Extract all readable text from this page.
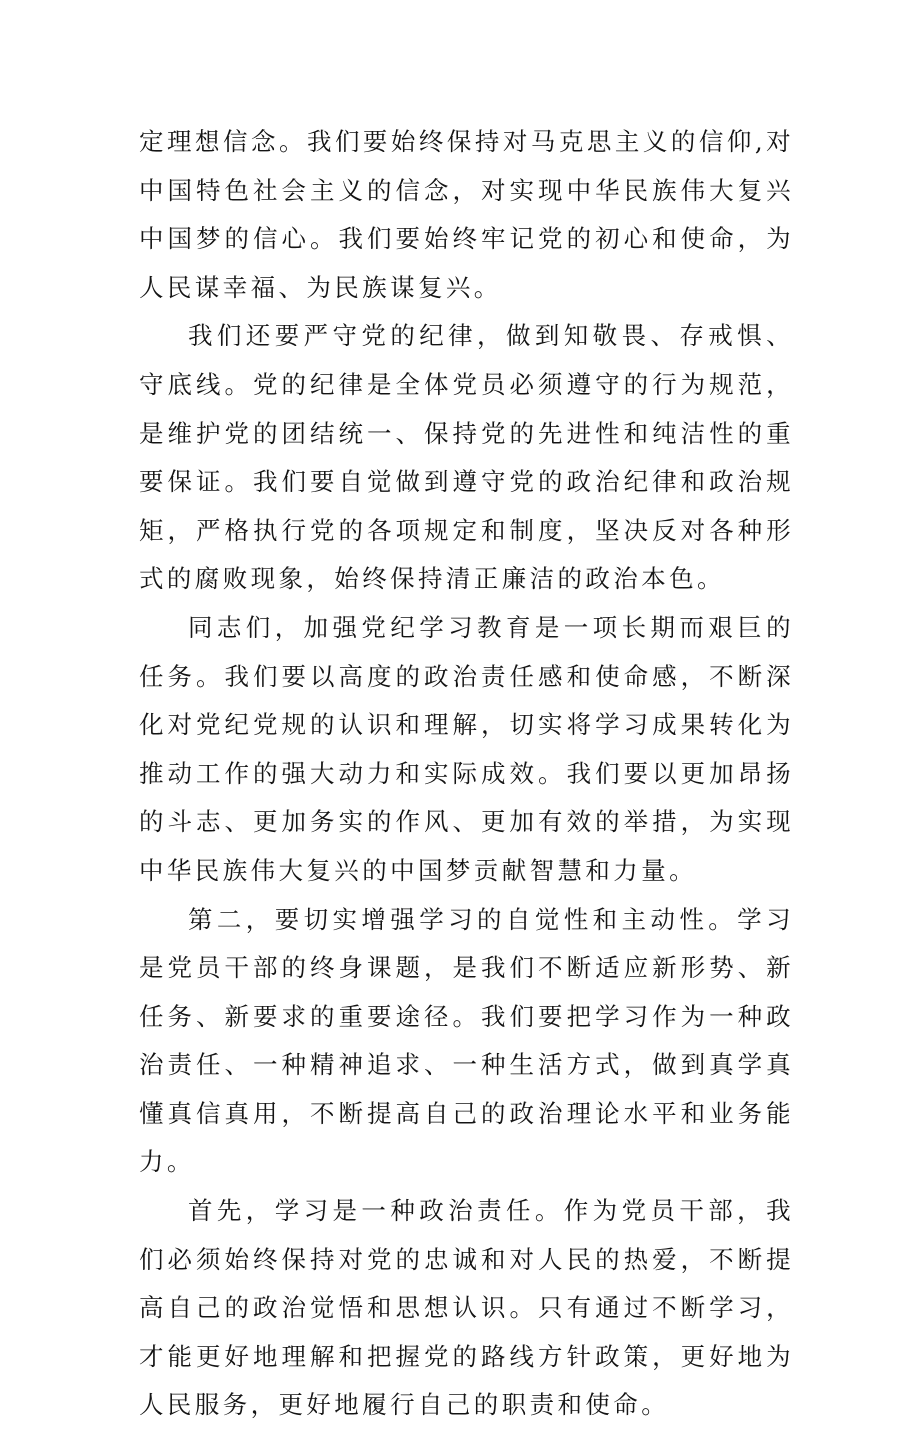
定理想信念。我们要始终保持对马克思主义的信仰,对中国特色社会主义的信念，对实现中华民族伟大复兴中国梦的信心。我们要始终牢记党的初心和使命，为人民谋幸福、为民族谋复兴。

我们还要严守党的纪律，做到知敬畏、存戒惧、守底线。党的纪律是全体党员必须遵守的行为规范，是维护党的团结统一、保持党的先进性和纯洁性的重要保证。我们要自觉做到遵守党的政治纪律和政治规矩，严格执行党的各项规定和制度，坚决反对各种形式的腐败现象，始终保持清正廉洁的政治本色。

同志们，加强党纪学习教育是一项长期而艰巨的任务。我们要以高度的政治责任感和使命感，不断深化对党纪党规的认识和理解，切实将学习成果转化为推动工作的强大动力和实际成效。我们要以更加昂扬的斗志、更加务实的作风、更加有效的举措，为实现中华民族伟大复兴的中国梦贡献智慧和力量。

第二，要切实增强学习的自觉性和主动性。学习是党员干部的终身课题，是我们不断适应新形势、新任务、新要求的重要途径。我们要把学习作为一种政治责任、一种精神追求、一种生活方式，做到真学真懂真信真用，不断提高自己的政治理论水平和业务能力。

首先，学习是一种政治责任。作为党员干部，我们必须始终保持对党的忠诚和对人民的热爱，不断提高自己的政治觉悟和思想认识。只有通过不断学习，才能更好地理解和把握党的路线方针政策，更好地为人民服务，更好地履行自己的职责和使命。
